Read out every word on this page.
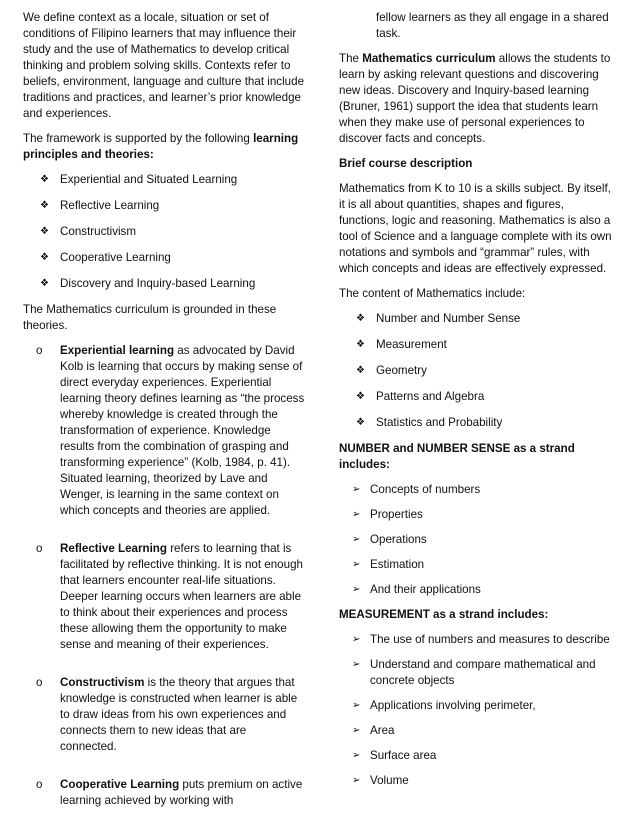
We define context as a locale, situation or set of conditions of Filipino learners that may influence their study and the use of Mathematics to develop critical thinking and problem solving skills. Contexts refer to beliefs, environment, language and culture that include traditions and practices, and learner’s prior knowledge and experiences.

The framework is supported by the following learning principles and theories:

❖ Experiential and Situated Learning
❖ Reflective Learning
❖ Constructivism
❖ Cooperative Learning
❖ Discovery and Inquiry-based Learning

The Mathematics curriculum is grounded in these theories.

o Experiential learning as advocated by David Kolb is learning that occurs by making sense of direct everyday experiences. Experiential learning theory defines learning as “the process whereby knowledge is created through the transformation of experience. Knowledge results from the combination of grasping and transforming experience” (Kolb, 1984, p. 41). Situated learning, theorized by Lave and Wenger, is learning in the same context on which concepts and theories are applied.
o Reflective Learning refers to learning that is facilitated by reflective thinking. It is not enough that learners encounter real-life situations. Deeper learning occurs when learners are able to think about their experiences and process these allowing them the opportunity to make sense and meaning of their experiences.
o Constructivism is the theory that argues that knowledge is constructed when learner is able to draw ideas from his own experiences and connects them to new ideas that are connected.
o Cooperative Learning puts premium on active learning achieved by working with

fellow learners as they all engage in a shared task.

The Mathematics curriculum allows the students to learn by asking relevant questions and discovering new ideas. Discovery and Inquiry-based learning (Bruner, 1961) support the idea that students learn when they make use of personal experiences to discover facts and concepts.

Brief course description

Mathematics from K to 10 is a skills subject. By itself, it is all about quantities, shapes and figures, functions, logic and reasoning. Mathematics is also a tool of Science and a language complete with its own notations and symbols and “grammar” rules, with which concepts and ideas are effectively expressed.

The content of Mathematics include:

❖ Number and Number Sense
❖ Measurement
❖ Geometry
❖ Patterns and Algebra
❖ Statistics and Probability

NUMBER and NUMBER SENSE as a strand includes:

➢ Concepts of numbers
➢ Properties
➢ Operations
➢ Estimation
➢ And their applications

MEASUREMENT as a strand includes:

➢ The use of numbers and measures to describe
➢ Understand and compare mathematical and concrete objects
➢ Applications involving perimeter,
➢ Area
➢ Surface area
➢ Volume
